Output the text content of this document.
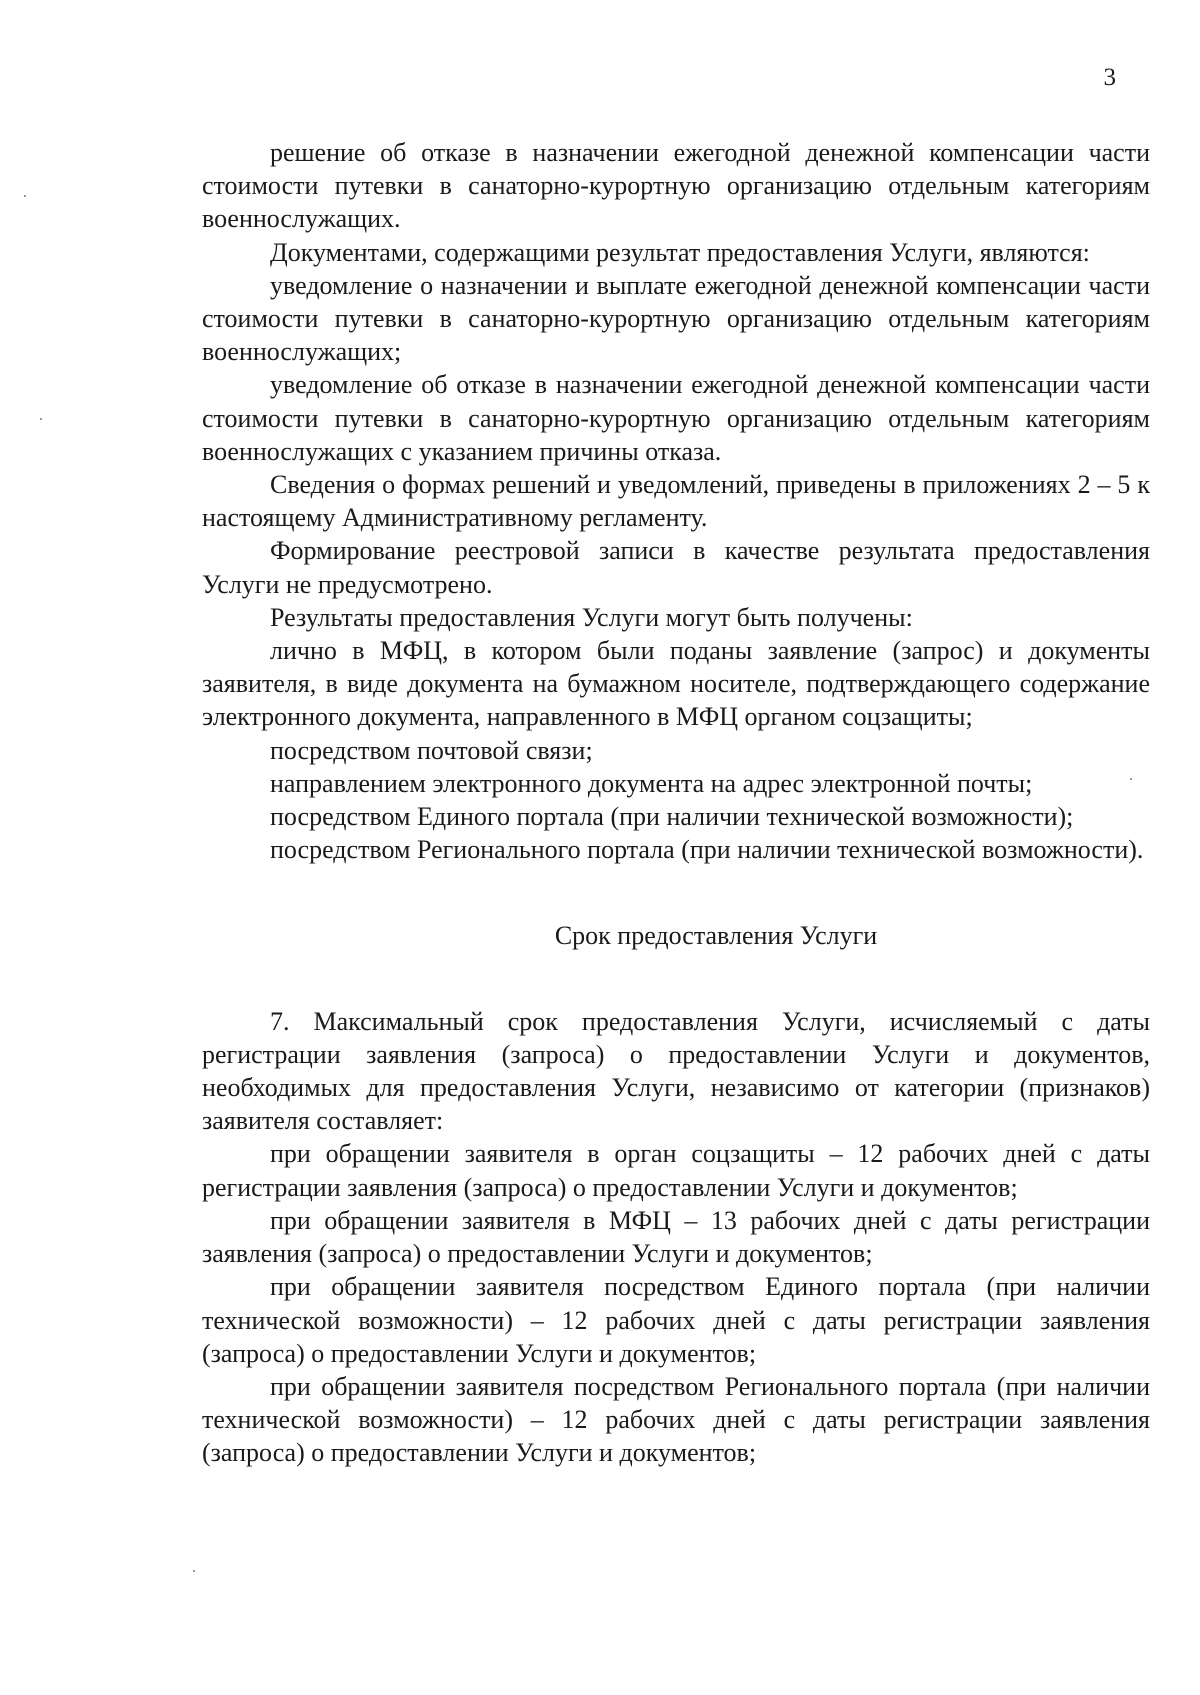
3

решение об отказе в назначении ежегодной денежной компенсации части стоимости путевки в санаторно-курортную организацию отдельным категориям военнослужащих.

Документами, содержащими результат предоставления Услуги, являются:

уведомление о назначении и выплате ежегодной денежной компенсации части стоимости путевки в санаторно-курортную организацию отдельным категориям военнослужащих;

уведомление об отказе в назначении ежегодной денежной компенсации части стоимости путевки в санаторно-курортную организацию отдельным категориям военнослужащих с указанием причины отказа.

Сведения о формах решений и уведомлений, приведены в приложениях 2 – 5 к настоящему Административному регламенту.

Формирование реестровой записи в качестве результата предоставления Услуги не предусмотрено.

Результаты предоставления Услуги могут быть получены:

лично в МФЦ, в котором были поданы заявление (запрос) и документы заявителя, в виде документа на бумажном носителе, подтверждающего содержание электронного документа, направленного в МФЦ органом соцзащиты;

посредством почтовой связи;

направлением электронного документа на адрес электронной почты;

посредством Единого портала (при наличии технической возможности);

посредством Регионального портала (при наличии технической возможности).

Срок предоставления Услуги

7. Максимальный срок предоставления Услуги, исчисляемый с даты регистрации заявления (запроса) о предоставлении Услуги и документов, необходимых для предоставления Услуги, независимо от категории (признаков) заявителя составляет:

при обращении заявителя в орган соцзащиты – 12 рабочих дней с даты регистрации заявления (запроса) о предоставлении Услуги и документов;

при обращении заявителя в МФЦ – 13 рабочих дней с даты регистрации заявления (запроса) о предоставлении Услуги и документов;

при обращении заявителя посредством Единого портала (при наличии технической возможности) – 12 рабочих дней с даты регистрации заявления (запроса) о предоставлении Услуги и документов;

при обращении заявителя посредством Регионального портала (при наличии технической возможности) – 12 рабочих дней с даты регистрации заявления (запроса) о предоставлении Услуги и документов;
